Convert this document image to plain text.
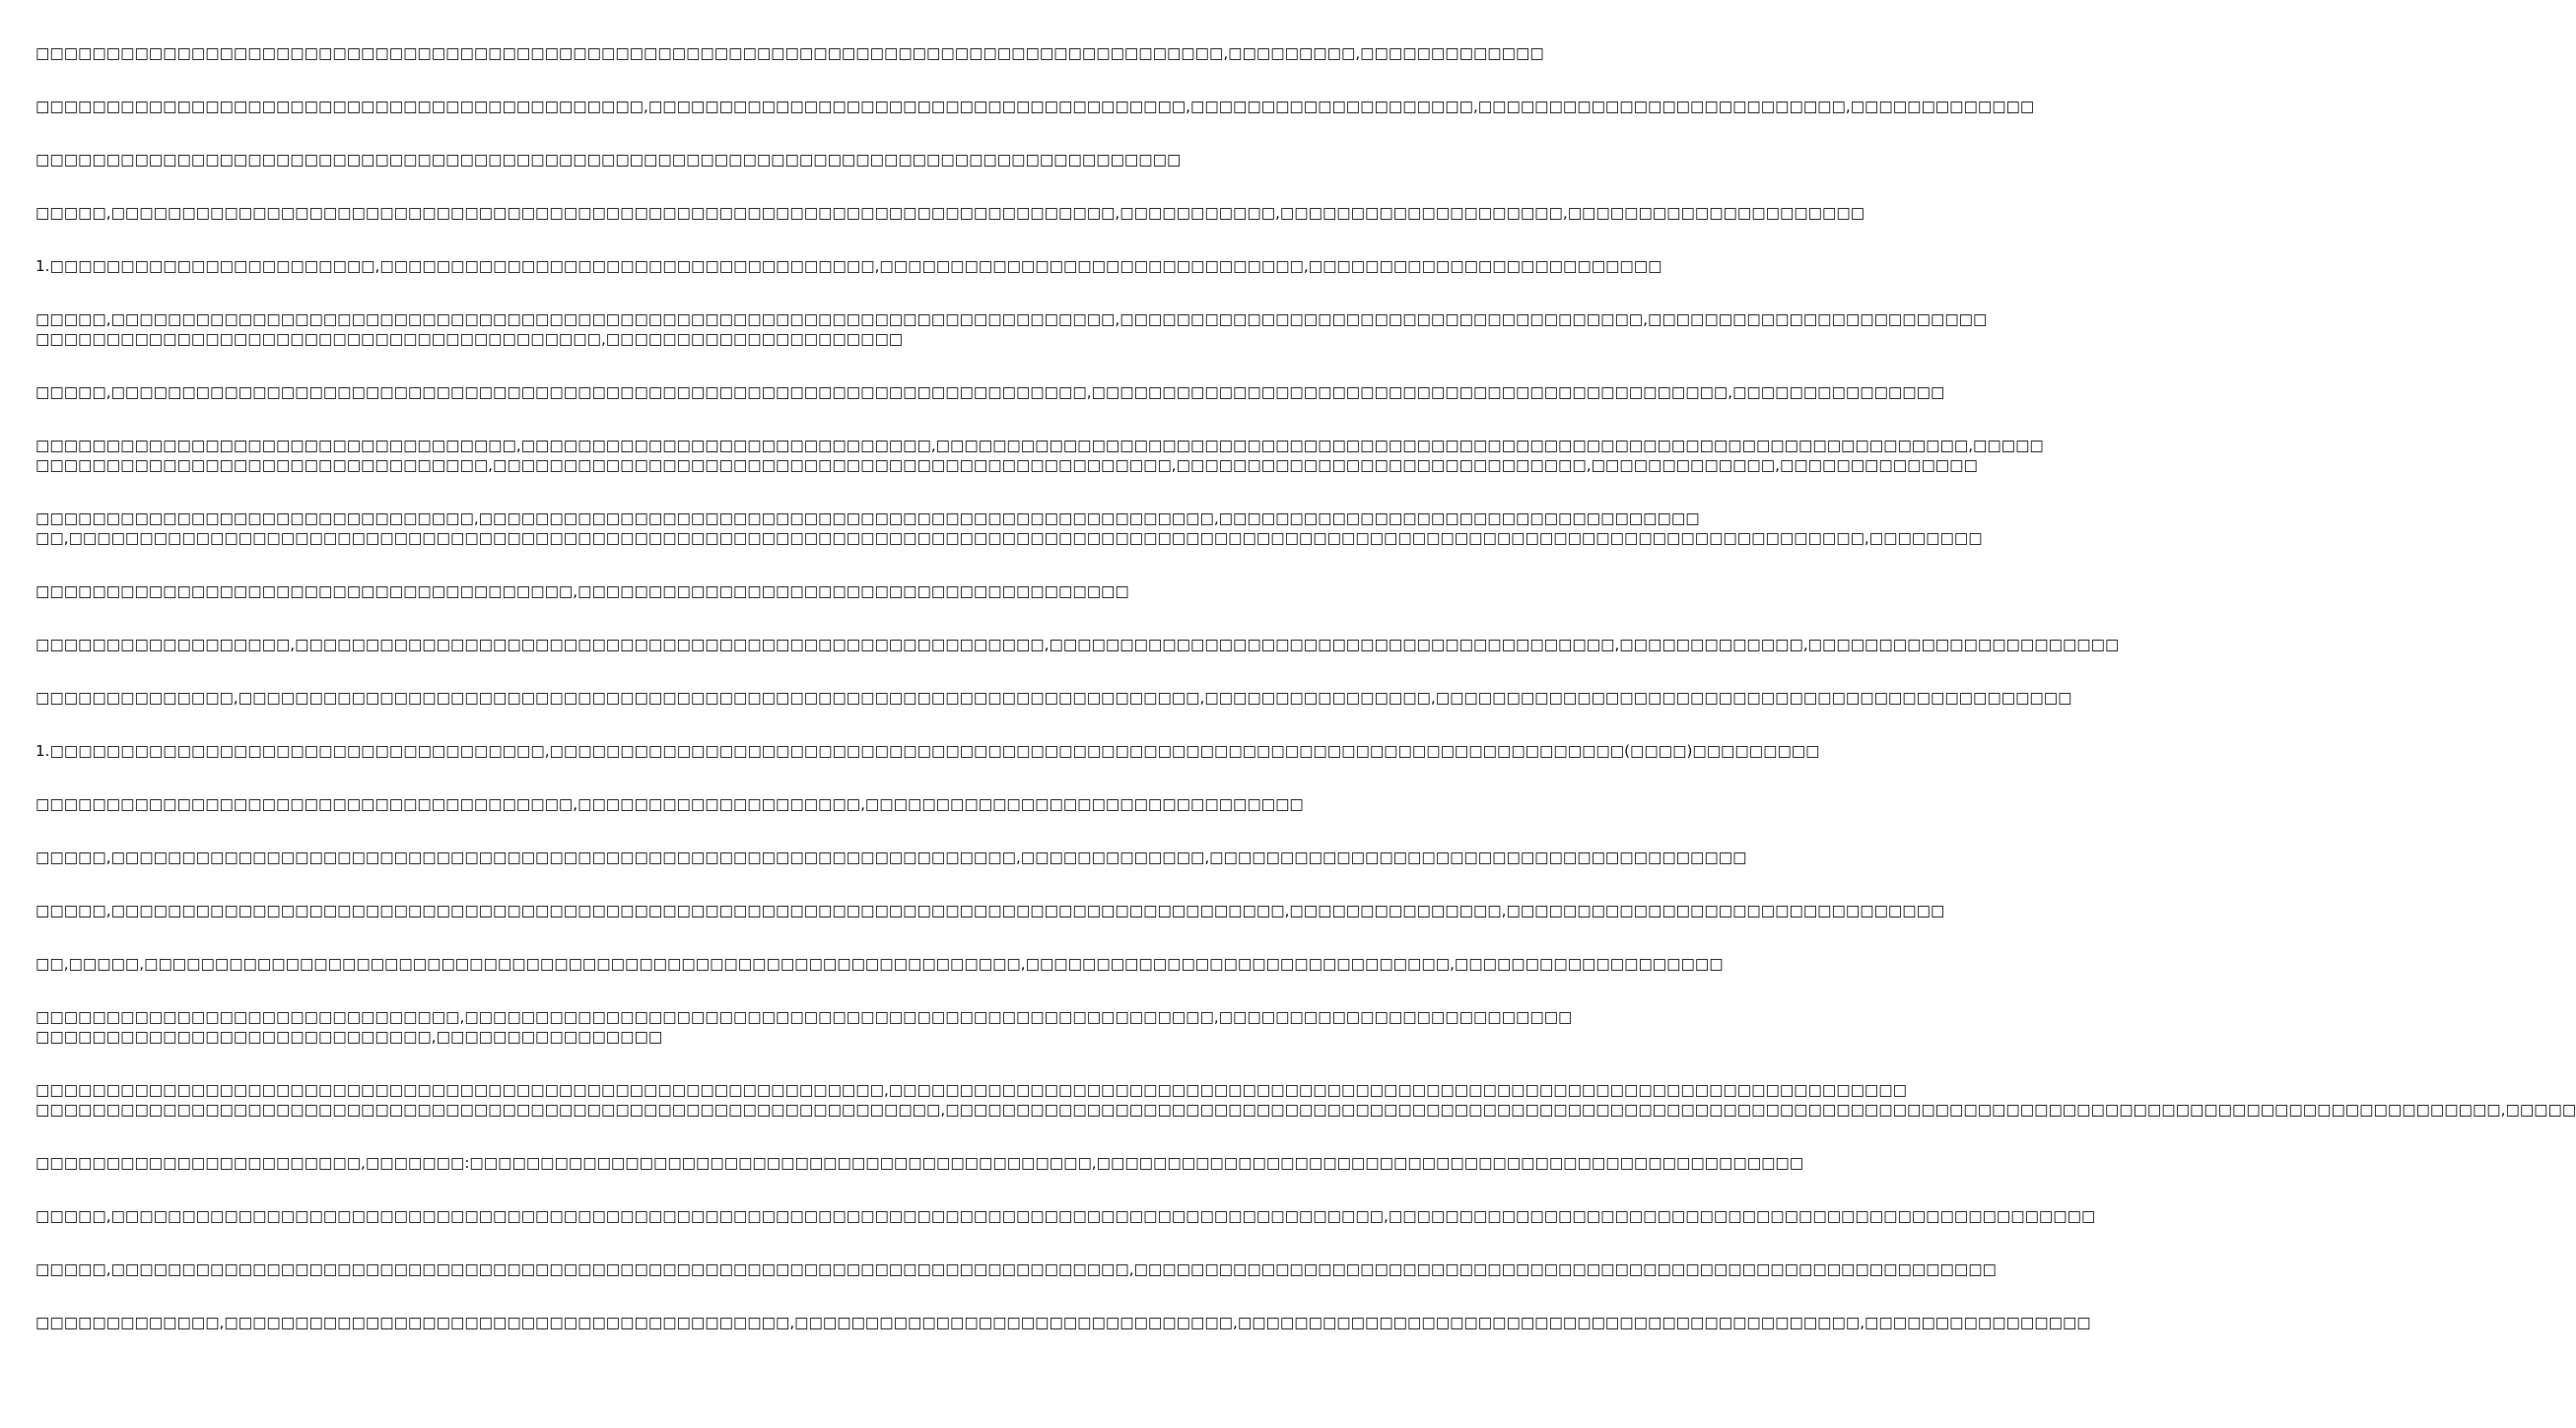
□□□□□□□□□□□□□□□□□□□□□□□□□□□□□□□□□□□□□□□□□□□□□□□□□□□□□□□□□□□□□□□□□□□□□□□□□□□□□□□□□□□□,□□□□□□□□□,□□□□□□□□□□□□□

□□□□□□□□□□□□□□□□□□□□□□□□□□□□□□□□□□□□□□□□□□□,□□□□□□□□□□□□□□□□□□□□□□□□□□□□□□□□□□□□□□,□□□□□□□□□□□□□□□□□□□□,□□□□□□□□□□□□□□□□□□□□□□□□□□,□□□□□□□□□□□□□

□□□□□□□□□□□□□□□□□□□□□□□□□□□□□□□□□□□□□□□□□□□□□□□□□□□□□□□□□□□□□□□□□□□□□□□□□□□□□□□□□

□□□□□,□□□□□□□□□□□□□□□□□□□□□□□□□□□□□□□□□□□□□□□□□□□□□□□□□□□□□□□□□□□□□□□□□□□□□□□,□□□□□□□□□□□,□□□□□□□□□□□□□□□□□□□□,□□□□□□□□□□□□□□□□□□□□□

1.□□□□□□□□□□□□□□□□□□□□□□□,□□□□□□□□□□□□□□□□□□□□□□□□□□□□□□□□□□□,□□□□□□□□□□□□□□□□□□□□□□□□□□□□□□,□□□□□□□□□□□□□□□□□□□□□□□□□

□□□□□,□□□□□□□□□□□□□□□□□□□□□□□□□□□□□□□□□□□□□□□□□□□□□□□□□□□□□□□□□□□□□□□□□□□□□□□,□□□□□□□□□□□□□□□□□□□□□□□□□□□□□□□□□□□□□,□□□□□□□□□□□□□□□□□□□□□□□□

□□□□□□□□□□□□□□□□□□□□□□□□□□□□□□□□□□□□□□□□,□□□□□□□□□□□□□□□□□□□□□

□□□□□,□□□□□□□□□□□□□□□□□□□□□□□□□□□□□□□□□□□□□□□□□□□□□□□□□□□□□□□□□□□□□□□□□□□□□,□□□□□□□□□□□□□□□□□□□□□□□□□□□□□□□□□□□□□□□□□□□□□,□□□□□□□□□□□□□□□

□□□□□□□□□□□□□□□□□□□□□□□□□□□□□□□□□□,□□□□□□□□□□□□□□□□□□□□□□□□□□□□□,□□□□□□□□□□□□□□□□□□□□□□□□□□□□□□□□□□□□□□□□□□□□□□□□□□□□□□□□□□□□□□□□□□□□□□□□□,□□□□□

□□□□□□□□□□□□□□□□□□□□□□□□□□□□□□□□,□□□□□□□□□□□□□□□□□□□□□□□□□□□□□□□□□□□□□□□□□□□□□□□□,□□□□□□□□□□□□□□□□□□□□□□□□□□□□□,□□□□□□□□□□□□□,□□□□□□□□□□□□□□

□□□□□□□□□□□□□□□□□□□□□□□□□□□□□□□,□□□□□□□□□□□□□□□□□□□□□□□□□□□□□□□□□□□□□□□□□□□□□□□□□□□□,□□□□□□□□□□□□□□□□□□□□□□□□□□□□□□□□□□

□□,□□□□□□□□□□□□□□□□□□□□□□□□□□□□□□□□□□□□□□□□□□□□□□□□□□□□□□□□□□□□□□□□□□□□□□□□□□□□□□□□□□□□□□□□□□□□□□□□□□□□□□□□□□□□□□□□□□□□□□□□□□□□□□□,□□□□□□□□

□□□□□□□□□□□□□□□□□□□□□□□□□□□□□□□□□□□□□□,□□□□□□□□□□□□□□□□□□□□□□□□□□□□□□□□□□□□□□□

□□□□□□□□□□□□□□□□□□,□□□□□□□□□□□□□□□□□□□□□□□□□□□□□□□□□□□□□□□□□□□□□□□□□□□□□,□□□□□□□□□□□□□□□□□□□□□□□□□□□□□□□□□□□□□□□□,□□□□□□□□□□□□□,□□□□□□□□□□□□□□□□□□□□□□

□□□□□□□□□□□□□□,□□□□□□□□□□□□□□□□□□□□□□□□□□□□□□□□□□□□□□□□□□□□□□□□□□□□□□□□□□□□□□□□□□□□,□□□□□□□□□□□□□□□□,□□□□□□□□□□□□□□□□□□□□□□□□□□□□□□□□□□□□□□□□□□□□□

1.□□□□□□□□□□□□□□□□□□□□□□□□□□□□□□□□□□□,□□□□□□□□□□□□□□□□□□□□□□□□□□□□□□□□□□□□□□□□□□□□□□□□□□□□□□□□□□□□□□□□□□□□□□□□□□□□(□□□□)□□□□□□□□□

□□□□□□□□□□□□□□□□□□□□□□□□□□□□□□□□□□□□□□,□□□□□□□□□□□□□□□□□□□□,□□□□□□□□□□□□□□□□□□□□□□□□□□□□□□□

□□□□□,□□□□□□□□□□□□□□□□□□□□□□□□□□□□□□□□□□□□□□□□□□□□□□□□□□□□□□□□□□□□□□□□,□□□□□□□□□□□□□,□□□□□□□□□□□□□□□□□□□□□□□□□□□□□□□□□□□□□□

□□□□□,□□□□□□□□□□□□□□□□□□□□□□□□□□□□□□□□□□□□□□□□□□□□□□□□□□□□□□□□□□□□□□□□□□□□□□□□□□□□□□□□□□□,□□□□□□□□□□□□□□□,□□□□□□□□□□□□□□□□□□□□□□□□□□□□□□□

□□,□□□□□,□□□□□□□□□□□□□□□□□□□□□□□□□□□□□□□□□□□□□□□□□□□□□□□□□□□□□□□□□□□□□□,□□□□□□□□□□□□□□□□□□□□□□□□□□□□□□,□□□□□□□□□□□□□□□□□□□

□□□□□□□□□□□□□□□□□□□□□□□□□□□□□□,□□□□□□□□□□□□□□□□□□□□□□□□□□□□□□□□□□□□□□□□□□□□□□□□□□□□□,□□□□□□□□□□□□□□□□□□□□□□□□□

□□□□□□□□□□□□□□□□□□□□□□□□□□□□,□□□□□□□□□□□□□□□□

□□□□□□□□□□□□□□□□□□□□□□□□□□□□□□□□□□□□□□□□□□□□□□□□□□□□□□□□□□□□,□□□□□□□□□□□□□□□□□□□□□□□□□□□□□□□□□□□□□□□□□□□□□□□□□□□□□□□□□□□□□□□□□□□□□□□□

□□□□□□□□□□□□□□□□□□□□□□□□□□□□□□□□□□□□□□□□□□□□□□□□□□□□□□□□□□□□□□□□,□□□□□□□□□□□□□□□□□□□□□□□□□□□□□□□□□□□□□□□□□□□□□□□□□□□□□□□□□□□□□□□□□□□□□□□□□□□□□□□□□□□□□□□□□□□□□□□□□□□□□□□□□□□□□□,□□□□□

□□□□□□□□□□□□□□□□□□□□□□□,□□□□□□□:□□□□□□□□□□□□□□□□□□□□□□□□□□□□□□□□□□□□□□□□□□□□,□□□□□□□□□□□□□□□□□□□□□□□□□□□□□□□□□□□□□□□□□□□□□□□□□□

□□□□□,□□□□□□□□□□□□□□□□□□□□□□□□□□□□□□□□□□□□□□□□□□□□□□□□□□□□□□□□□□□□□□□□□□□□□□□□□□□□□□□□□□□□□□□□□□,□□□□□□□□□□□□□□□□□□□□□□□□□□□□□□□□□□□□□□□□□□□□□□□□□□

□□□□□,□□□□□□□□□□□□□□□□□□□□□□□□□□□□□□□□□□□□□□□□□□□□□□□□□□□□□□□□□□□□□□□□□□□□□□□□,□□□□□□□□□□□□□□□□□□□□□□□□□□□□□□□□□□□□□□□□□□□□□□□□□□□□□□□□□□□□□

□□□□□□□□□□□□□,□□□□□□□□□□□□□□□□□□□□□□□□□□□□□□□□□□□□□□□□,□□□□□□□□□□□□□□□□□□□□□□□□□□□□□□□,□□□□□□□□□□□□□□□□□□□□□□□□□□□□□□□□□□□□□□□□□□□□,□□□□□□□□□□□□□□□□
